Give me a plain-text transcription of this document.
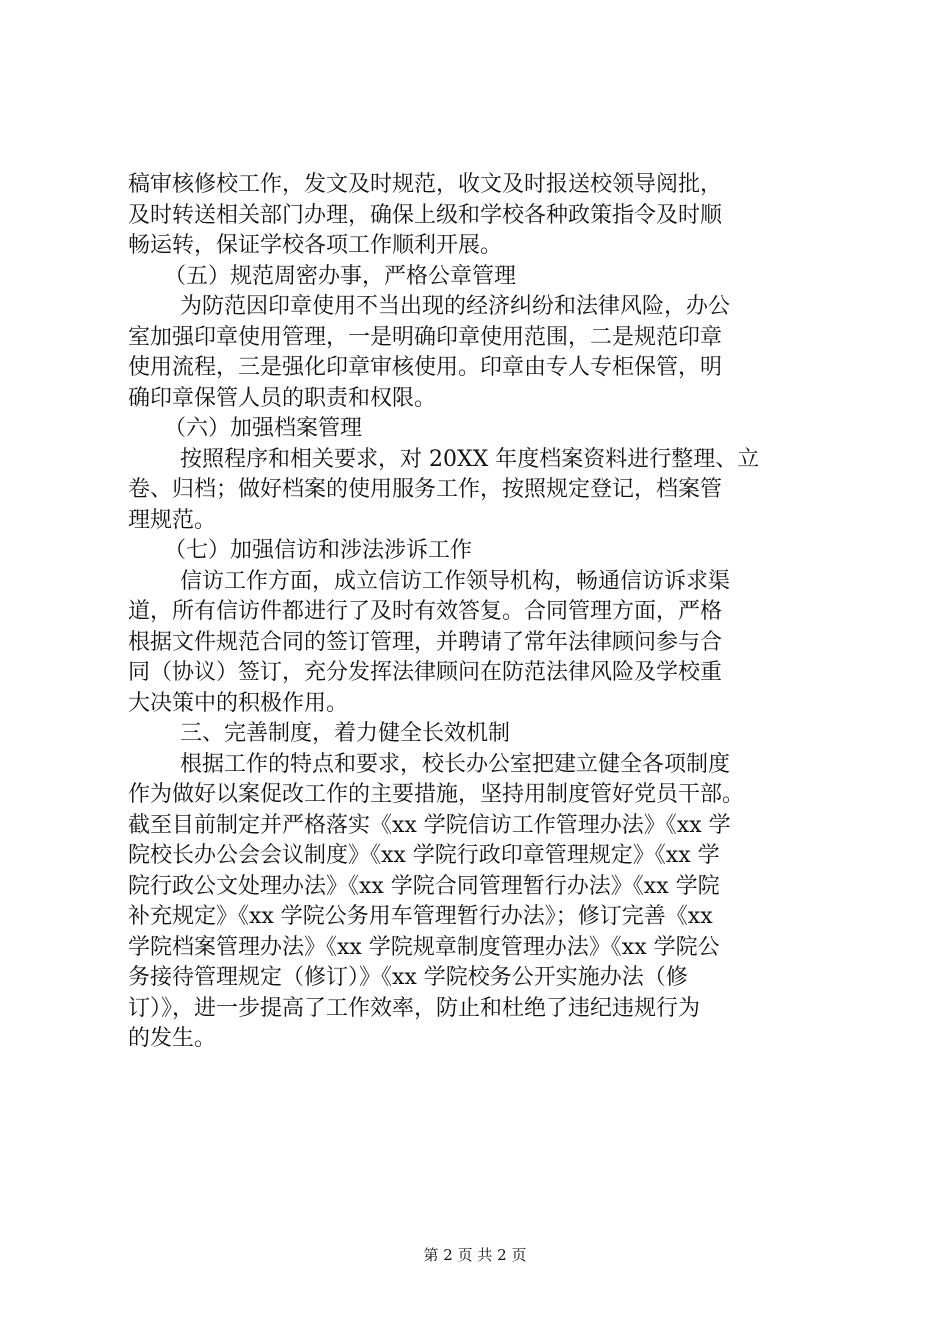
稿审核修校工作，发文及时规范，收文及时报送校领导阅批，
及时转送相关部门办理，确保上级和学校各种政策指令及时顺
畅运转，保证学校各项工作顺利开展。
（五）规范周密办事，严格公章管理
为防范因印章使用不当出现的经济纠纷和法律风险，办公
室加强印章使用管理，一是明确印章使用范围，二是规范印章
使用流程，三是强化印章审核使用。印章由专人专柜保管，明
确印章保管人员的职责和权限。
（六）加强档案管理
按照程序和相关要求，对 20XX 年度档案资料进行整理、立
卷、归档；做好档案的使用服务工作，按照规定登记，档案管
理规范。
（七）加强信访和涉法涉诉工作
信访工作方面，成立信访工作领导机构，畅通信访诉求渠
道，所有信访件都进行了及时有效答复。合同管理方面，严格
根据文件规范合同的签订管理，并聘请了常年法律顾问参与合
同（协议）签订，充分发挥法律顾问在防范法律风险及学校重
大决策中的积极作用。
三、完善制度，着力健全长效机制
根据工作的特点和要求，校长办公室把建立健全各项制度
作为做好以案促改工作的主要措施，坚持用制度管好党员干部。
截至目前制定并严格落实《xx 学院信访工作管理办法》《xx 学
院校长办公会会议制度》《xx 学院行政印章管理规定》《xx 学
院行政公文处理办法》《xx 学院合同管理暂行办法》《xx 学院
补充规定》《xx 学院公务用车管理暂行办法》；修订完善《xx
学院档案管理办法》《xx 学院规章制度管理办法》《xx 学院公
务接待管理规定（修订）》《xx 学院校务公开实施办法（修
订）》，进一步提高了工作效率，防止和杜绝了违纪违规行为
的发生。
第 2 页 共 2 页
